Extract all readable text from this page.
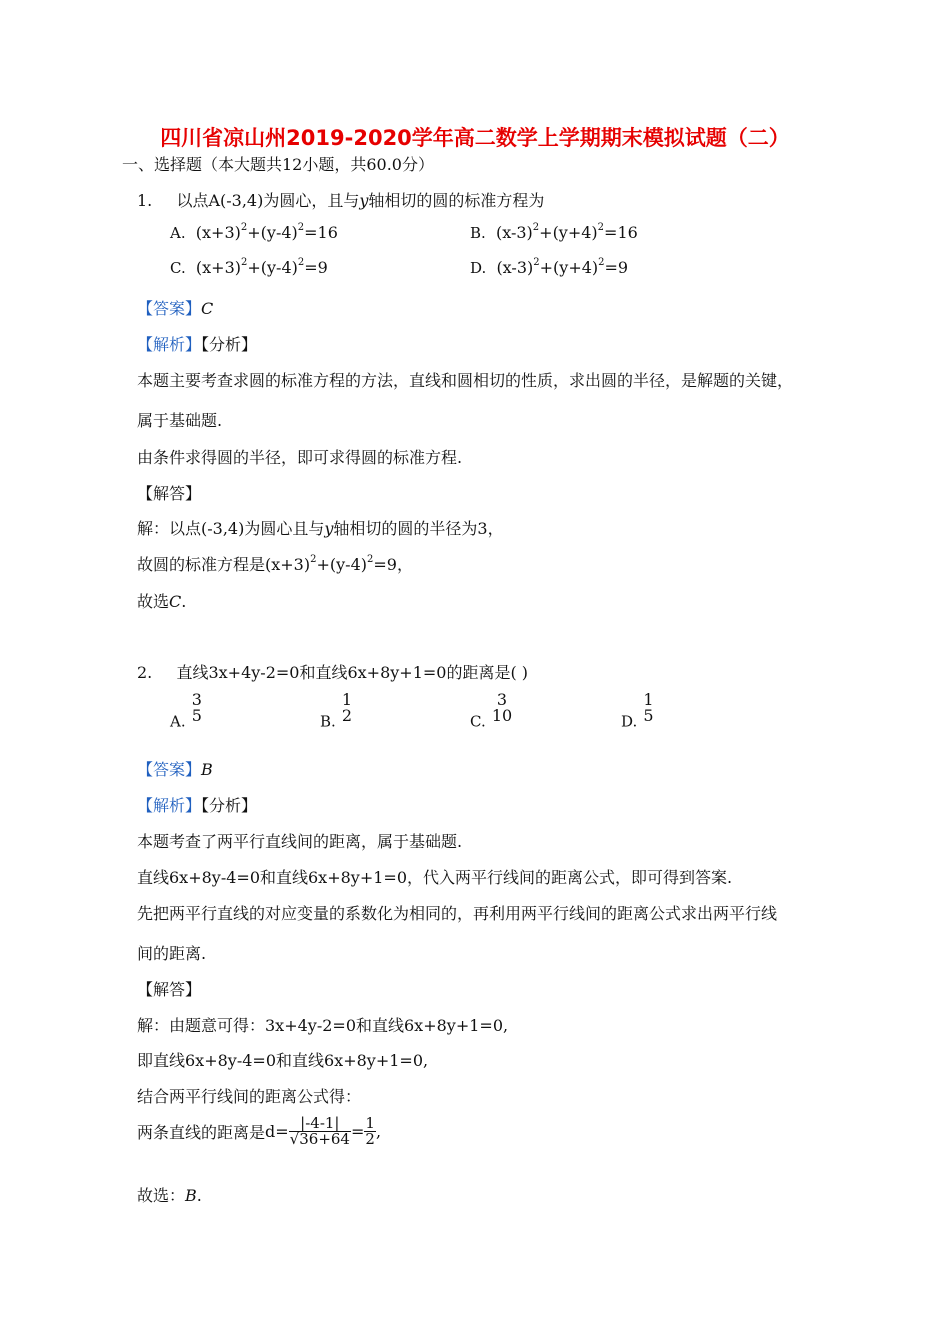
四川省凉山州2019-2020学年高二数学上学期期末模拟试题（二）
一、选择题（本大题共12小题，共60.0分）
1. 以点A(-3,4)为圆心，且与y轴相切的圆的标准方程为
A. $(x+3)^2+(y-4)^2=16$	B. $(x-3)^2+(y+4)^2=16$
C. $(x+3)^2+(y-4)^2=9$	D. $(x-3)^2+(y+4)^2=9$
【答案】C
【解析】【分析】
本题主要考查求圆的标准方程的方法，直线和圆相切的性质，求出圆的半径，是解题的关键，
属于基础题.
由条件求得圆的半径，即可求得圆的标准方程.
【解答】
解：以点(-3,4)为圆心且与y轴相切的圆的半径为3，
故圆的标准方程是$(x+3)^2+(y-4)^2=9$，
故选C.
2. 直线3x+4y-2=0和直线6x+8y+1=0的距离是( )
A.
3
5	B.
1
2	C.
3
10	D.
1
5
【答案】B
【解析】【分析】
本题考查了两平行直线间的距离，属于基础题.
直线6x+8y-4=0和直线6x+8y+1=0，代入两平行线间的距离公式，即可得到答案.
先把两平行直线的对应变量的系数化为相同的，再利用两平行线间的距离公式求出两平行线
间的距离.
【解答】
解：由题意可得：3x+4y-2=0和直线6x+8y+1=0,
即直线6x+8y-4=0和直线6x+8y+1=0,
结合两平行线间的距离公式得：
两条直线的距离是$d= \frac{|-4-1|}{√36+64} = \frac{1}{2}$ ,
故选：B.
